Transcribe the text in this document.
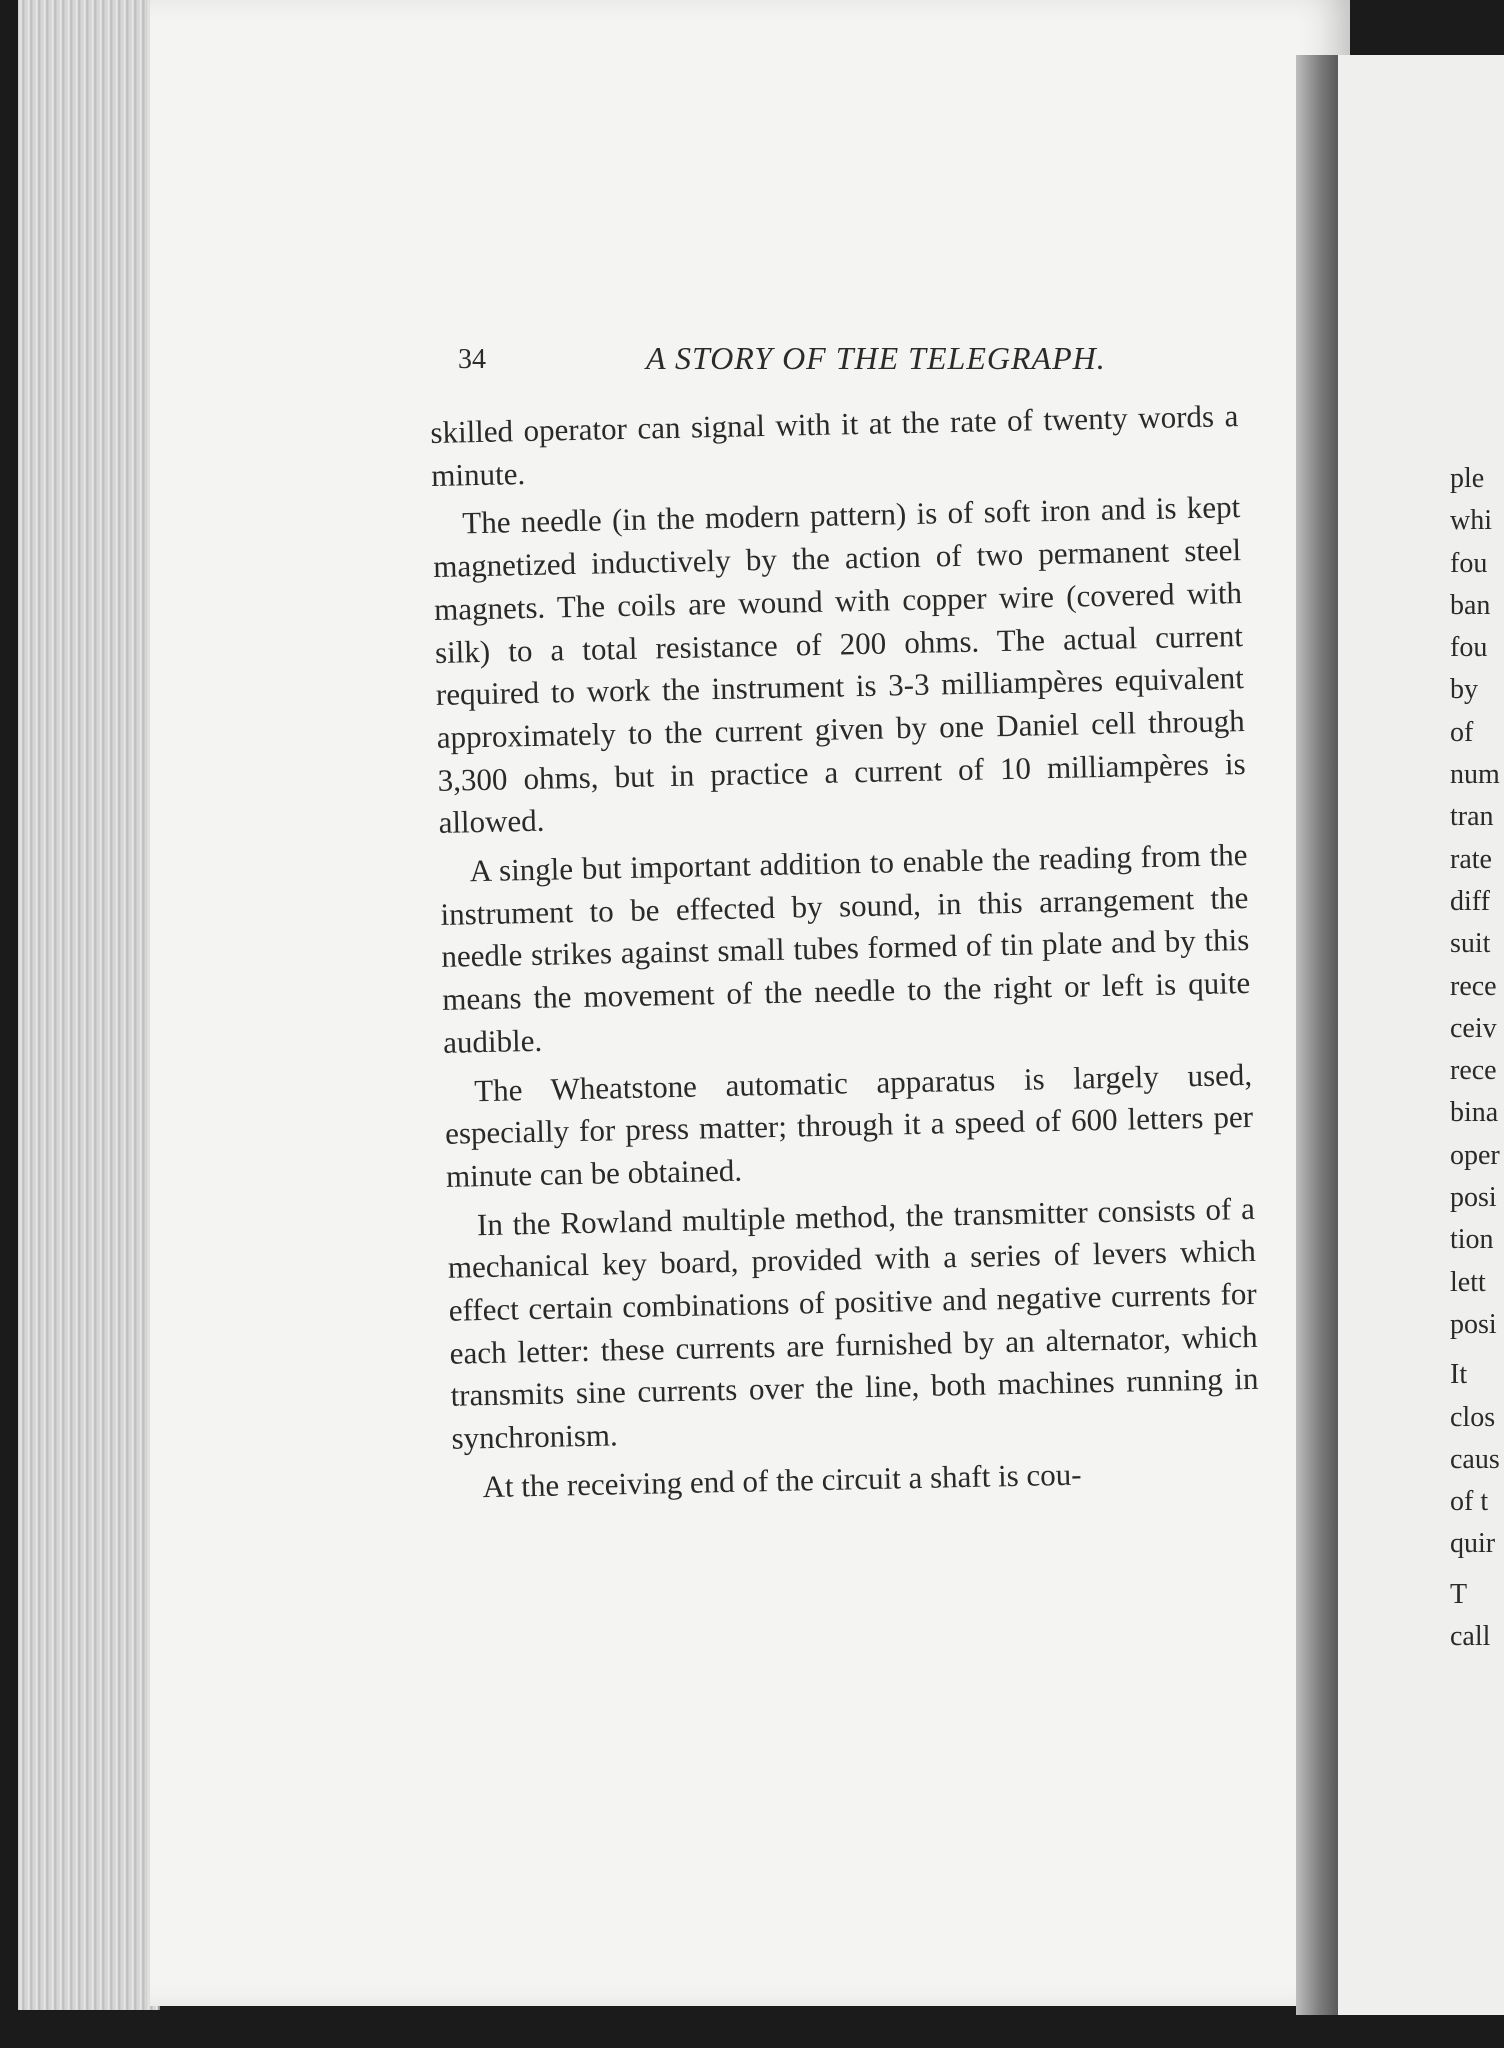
34	A STORY OF THE TELEGRAPH.

skilled operator can signal with it at the rate of twenty words a minute.

The needle (in the modern pattern) is of soft iron and is kept magnetized inductively by the action of two permanent steel magnets. The coils are wound with copper wire (covered with silk) to a total resistance of 200 ohms. The actual current required to work the instrument is 3-3 milliampères equivalent approximately to the current given by one Daniel cell through 3,300 ohms, but in practice a current of 10 milliampères is allowed.

A single but important addition to enable the reading from the instrument to be effected by sound, in this arrangement the needle strikes against small tubes formed of tin plate and by this means the movement of the needle to the right or left is quite audible.

The Wheatstone automatic apparatus is largely used, especially for press matter; through it a speed of 600 letters per minute can be obtained.

In the Rowland multiple method, the transmitter consists of a mechanical key board, provided with a series of levers which effect certain combinations of positive and negative currents for each letter: these currents are furnished by an alternator, which transmits sine currents over the line, both machines running in synchronism.

At the receiving end of the circuit a shaft is cou-

ple
whi
fou
ban
fou
by
of
num
tran
rate
diff
suit
rece
ceiv
rece
bina
oper
posi
tion
lett
posi
It
clos
caus
of t
quir
T
call
